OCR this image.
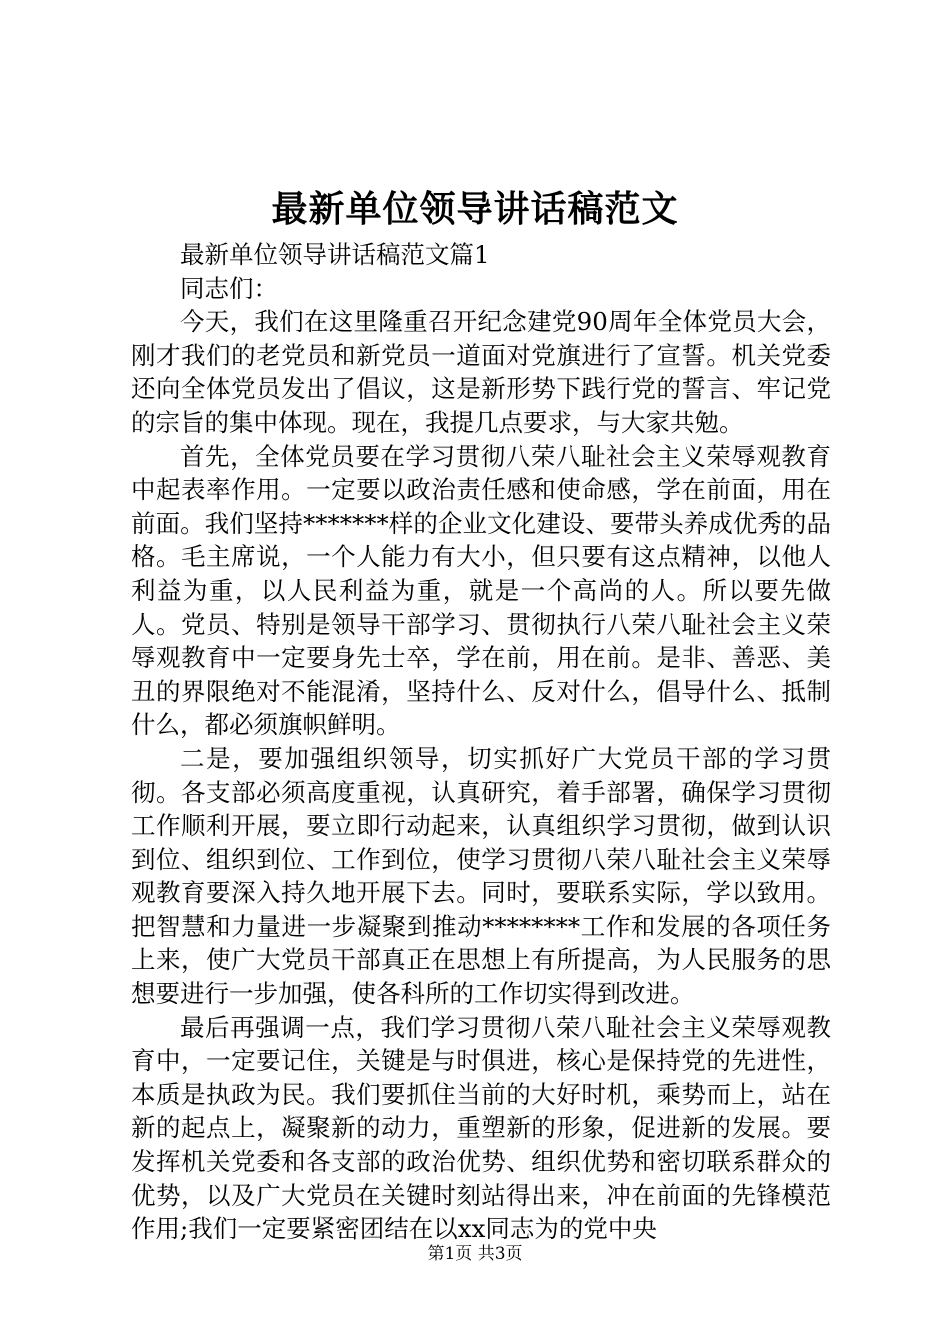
最新单位领导讲话稿范文

最新单位领导讲话稿范文篇1

同志们：

今天，我们在这里隆重召开纪念建党90周年全体党员大会，刚才我们的老党员和新党员一道面对党旗进行了宣誓。机关党委还向全体党员发出了倡议，这是新形势下践行党的誓言、牢记党的宗旨的集中体现。现在，我提几点要求，与大家共勉。

首先，全体党员要在学习贯彻八荣八耻社会主义荣辱观教育中起表率作用。一定要以政治责任感和使命感，学在前面，用在前面。我们坚持*******样的企业文化建设、要带头养成优秀的品格。毛主席说，一个人能力有大小，但只要有这点精神，以他人利益为重，以人民利益为重，就是一个高尚的人。所以要先做人。党员、特别是领导干部学习、贯彻执行八荣八耻社会主义荣辱观教育中一定要身先士卒，学在前，用在前。是非、善恶、美丑的界限绝对不能混淆，坚持什么、反对什么，倡导什么、抵制什么，都必须旗帜鲜明。

二是，要加强组织领导，切实抓好广大党员干部的学习贯彻。各支部必须高度重视，认真研究，着手部署，确保学习贯彻工作顺利开展，要立即行动起来，认真组织学习贯彻，做到认识到位、组织到位、工作到位，使学习贯彻八荣八耻社会主义荣辱观教育要深入持久地开展下去。同时，要联系实际，学以致用。把智慧和力量进一步凝聚到推动********工作和发展的各项任务上来，使广大党员干部真正在思想上有所提高，为人民服务的思想要进行一步加强，使各科所的工作切实得到改进。

最后再强调一点，我们学习贯彻八荣八耻社会主义荣辱观教育中，一定要记住，关键是与时俱进，核心是保持党的先进性，本质是执政为民。我们要抓住当前的大好时机，乘势而上，站在新的起点上，凝聚新的动力，重塑新的形象，促进新的发展。要发挥机关党委和各支部的政治优势、组织优势和密切联系群众的优势，以及广大党员在关键时刻站得出来，冲在前面的先锋模范作用;我们一定要紧密团结在以xx同志为的党中央

第1页 共3页
